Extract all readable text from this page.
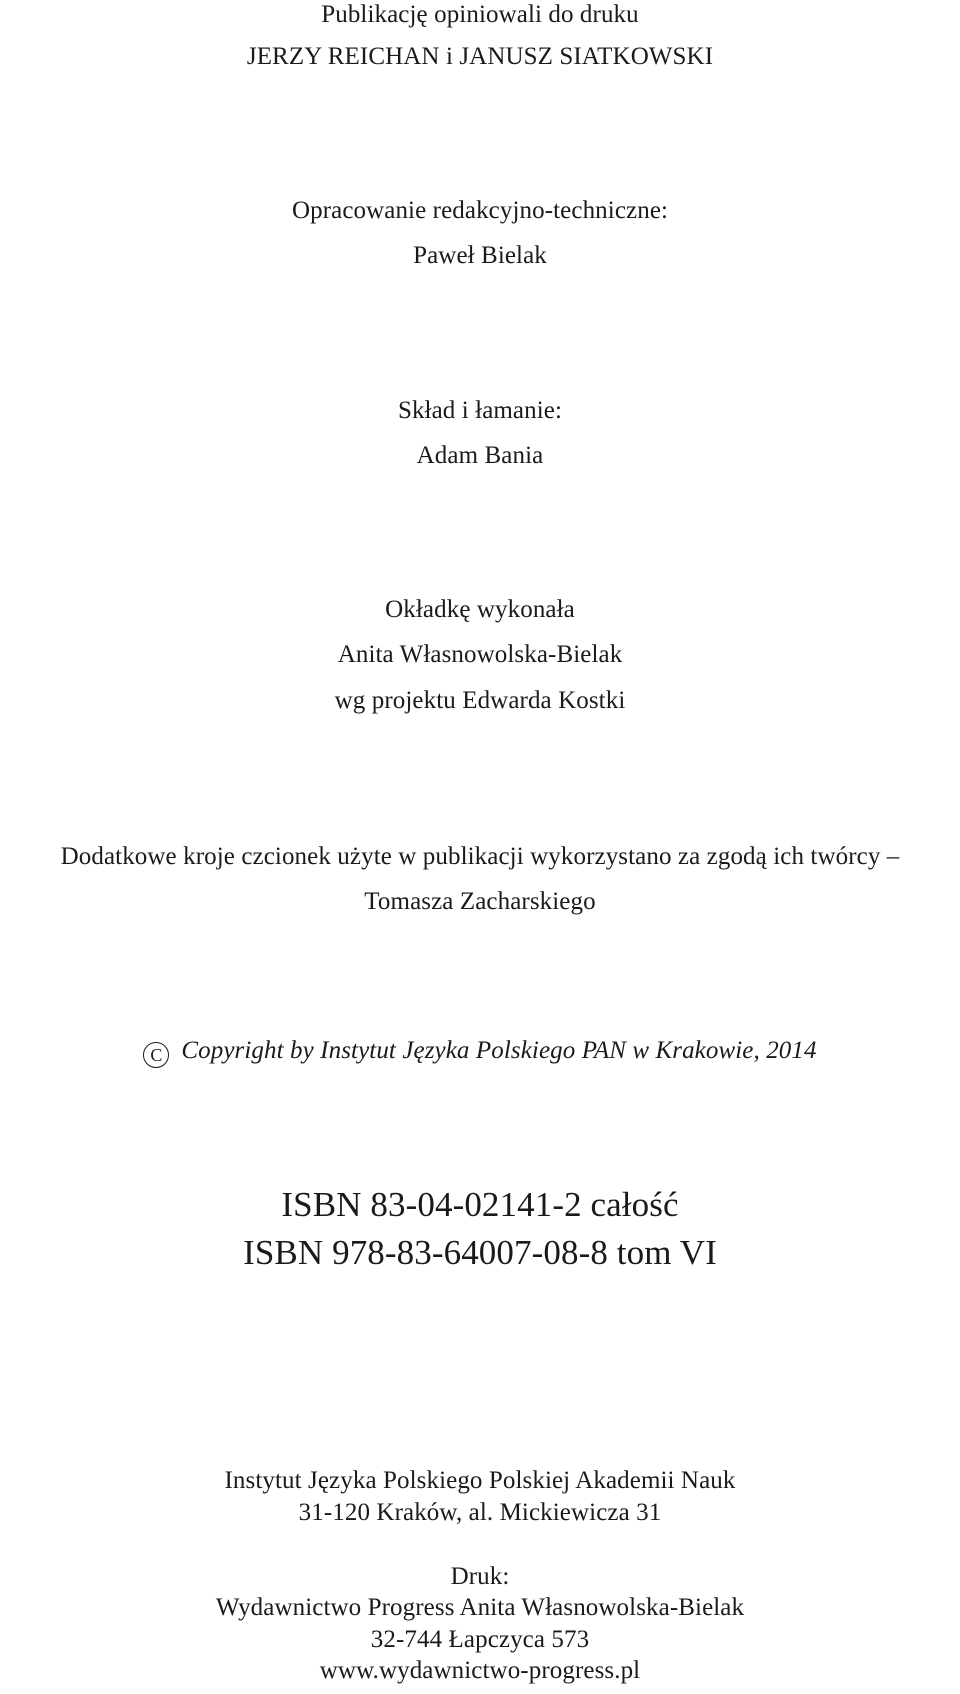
Publikację opiniowali do druku
JERZY REICHAN i JANUSZ SIATKOWSKI
Opracowanie redakcyjno-techniczne:
Paweł Bielak
Skład i łamanie:
Adam Bania
Okładkę wykonała
Anita Własnowolska-Bielak
wg projektu Edwarda Kostki
Dodatkowe kroje czcionek użyte w publikacji wykorzystano za zgodą ich twórcy –
Tomasza Zacharskiego
C Copyright by Instytut Języka Polskiego PAN w Krakowie, 2014
ISBN 83-04-02141-2 całość
ISBN 978-83-64007-08-8 tom VI
Instytut Języka Polskiego Polskiej Akademii Nauk
31-120 Kraków, al. Mickiewicza 31
Druk:
Wydawnictwo Progress Anita Własnowolska-Bielak
32-744 Łapczyca 573
www.wydawnictwo-progress.pl
